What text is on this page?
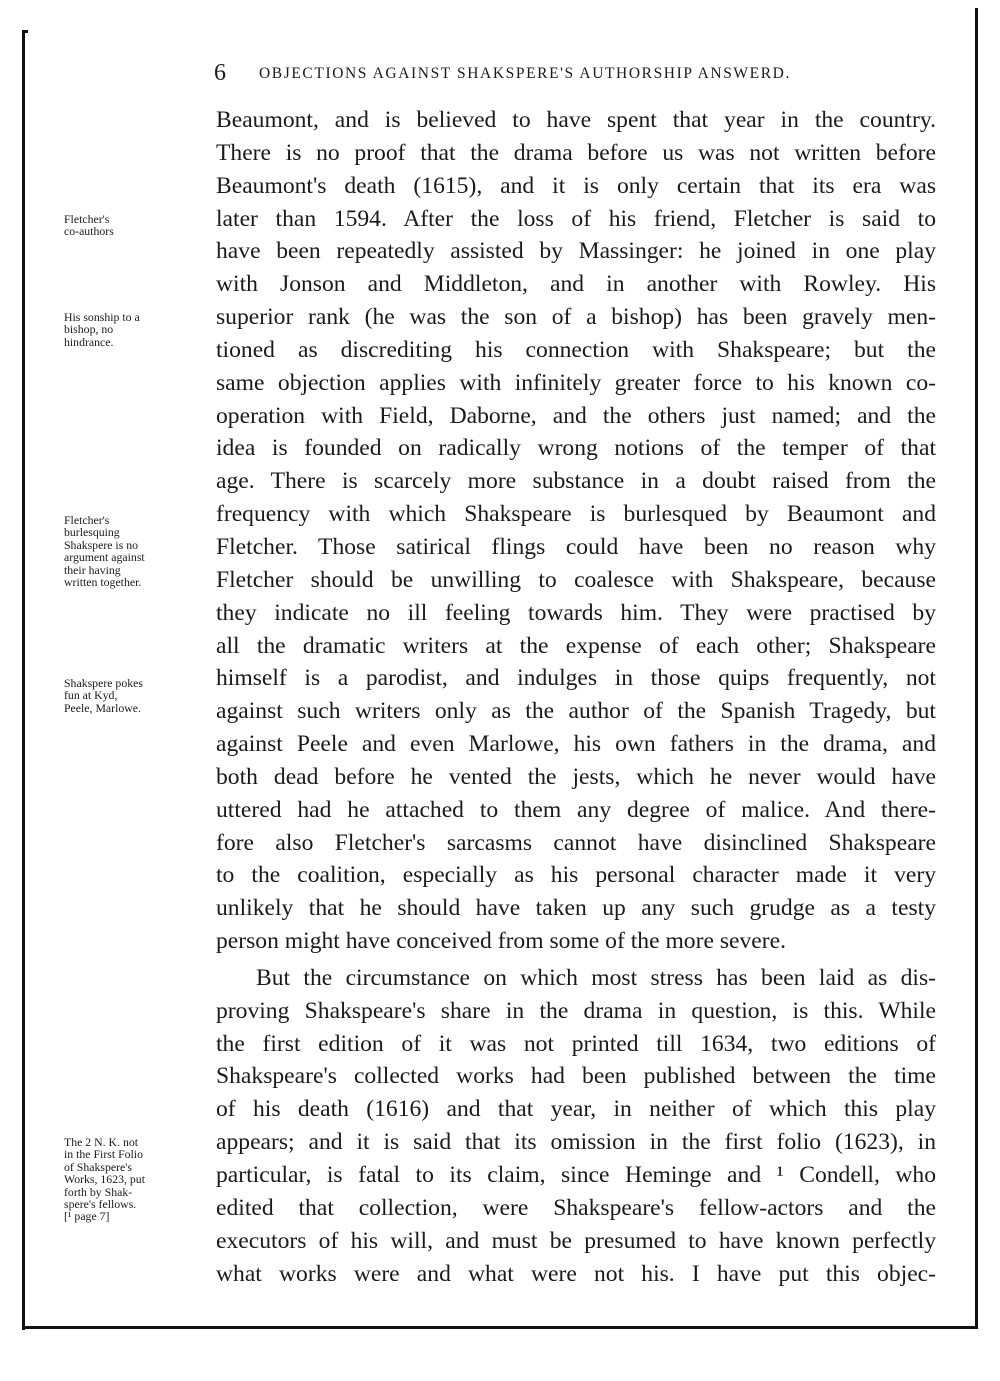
6 OBJECTIONS AGAINST SHAKSPERE'S AUTHORSHIP ANSWERD.
Fletcher's
co-authors
His sonship to a
bishop, no
hindrance.
Fletcher's
burlesquing
Shakspere is no
argument against
their having
written together.
Shakspere pokes
fun at Kyd,
Peele, Marlowe.
The 2 N. K. not
in the First Folio
of Shakspere's
Works, 1623, put
forth by Shak-
spere's fellows.
[¹ page 7]
Beaumont, and is believed to have spent that year in the country.
There is no proof that the drama before us was not written before
Beaumont's death (1615), and it is only certain that its era was
later than 1594. After the loss of his friend, Fletcher is said to
have been repeatedly assisted by Massinger: he joined in one play
with Jonson and Middleton, and in another with Rowley. His
superior rank (he was the son of a bishop) has been gravely men-
tioned as discrediting his connection with Shakspeare; but the
same objection applies with infinitely greater force to his known co-
operation with Field, Daborne, and the others just named; and the
idea is founded on radically wrong notions of the temper of that
age. There is scarcely more substance in a doubt raised from the
frequency with which Shakspeare is burlesqued by Beaumont and
Fletcher. Those satirical flings could have been no reason why
Fletcher should be unwilling to coalesce with Shakspeare, because
they indicate no ill feeling towards him. They were practised by
all the dramatic writers at the expense of each other; Shakspeare
himself is a parodist, and indulges in those quips frequently, not
against such writers only as the author of the Spanish Tragedy, but
against Peele and even Marlowe, his own fathers in the drama, and
both dead before he vented the jests, which he never would have
uttered had he attached to them any degree of malice. And there-
fore also Fletcher's sarcasms cannot have disinclined Shakspeare
to the coalition, especially as his personal character made it very
unlikely that he should have taken up any such grudge as a testy
person might have conceived from some of the more severe.
But the circumstance on which most stress has been laid as dis-
proving Shakspeare's share in the drama in question, is this. While
the first edition of it was not printed till 1634, two editions of
Shakspeare's collected works had been published between the time
of his death (1616) and that year, in neither of which this play
appears; and it is said that its omission in the first folio (1623), in
particular, is fatal to its claim, since Heminge and ¹ Condell, who
edited that collection, were Shakspeare's fellow-actors and the
executors of his will, and must be presumed to have known perfectly
what works were and what were not his. I have put this objec-
